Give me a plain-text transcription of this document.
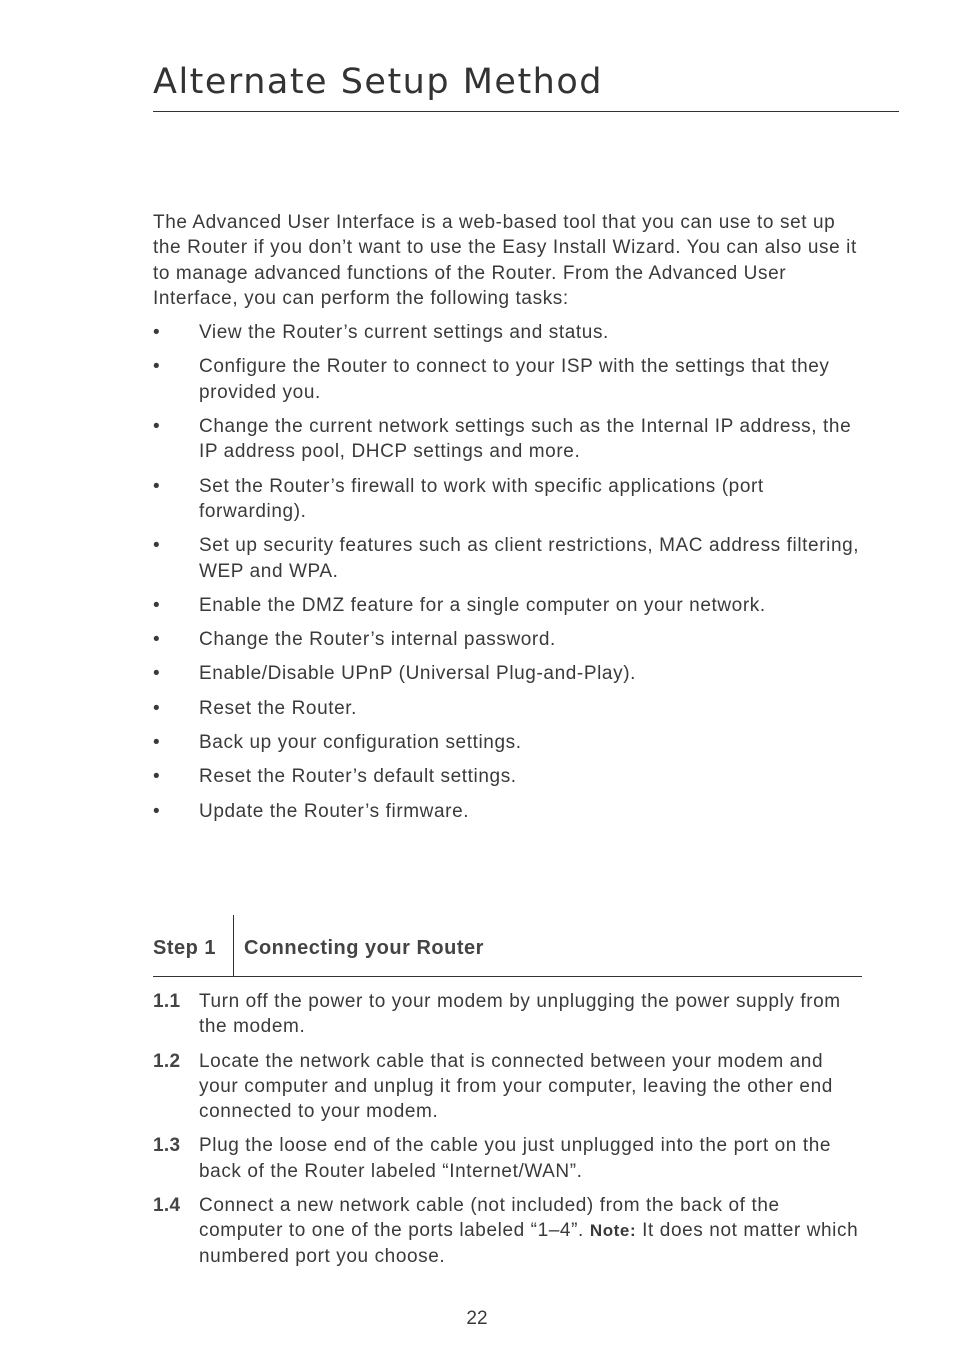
Alternate Setup Method

The Advanced User Interface is a web-based tool that you can use to set up the Router if you don’t want to use the Easy Install Wizard. You can also use it to manage advanced functions of the Router. From the Advanced User Interface, you can perform the following tasks:

• View the Router’s current settings and status.
• Configure the Router to connect to your ISP with the settings that they provided you.
• Change the current network settings such as the Internal IP address, the IP address pool, DHCP settings and more.
• Set the Router’s firewall to work with specific applications (port forwarding).
• Set up security features such as client restrictions, MAC address filtering, WEP and WPA.
• Enable the DMZ feature for a single computer on your network.
• Change the Router’s internal password.
• Enable/Disable UPnP (Universal Plug-and-Play).
• Reset the Router.
• Back up your configuration settings.
• Reset the Router’s default settings.
• Update the Router’s firmware.
Step 1 Connecting your Router
1.1 Turn off the power to your modem by unplugging the power supply from the modem.
1.2 Locate the network cable that is connected between your modem and your computer and unplug it from your computer, leaving the other end connected to your modem.
1.3 Plug the loose end of the cable you just unplugged into the port on the back of the Router labeled “Internet/WAN”.
1.4 Connect a new network cable (not included) from the back of the computer to one of the ports labeled “1–4”. Note: It does not matter which numbered port you choose.
22
